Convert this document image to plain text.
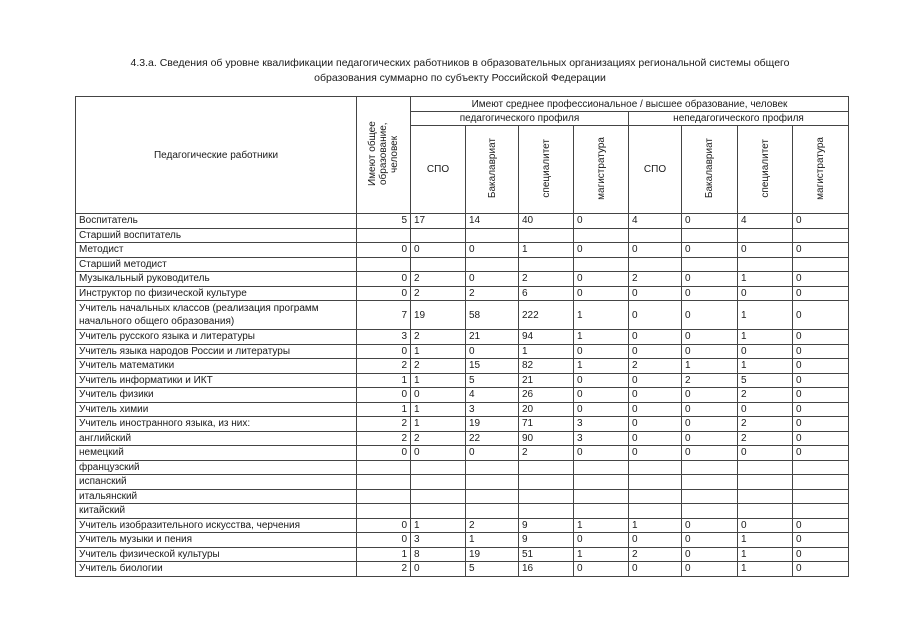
4.3.а. Сведения об уровне квалификации педагогических работников в образовательных организациях региональной системы общего
образования суммарно по субъекту Российской Федерации
Педагогические работники	Имеют общее образование, человек	Имеют среднее профессиональное / высшее образование, человек							
		педагогического профиля				непедагогического профиля			
		СПО	Бакалавриат	специалитет	магистратура	СПО	Бакалавриат	специалитет	магистратура
Воспитатель	5	17	14	40	0	4	0	4	0
Старший воспитатель									
Методист	0	0	0	1	0	0	0	0	0
Старший методист									
Музыкальный руководитель	0	2	0	2	0	2	0	1	0
Инструктор по физической культуре	0	2	2	6	0	0	0	0	0
Учитель начальных классов (реализация программ начального общего образования)	7	19	58	222	1	0	0	1	0
Учитель русского языка и литературы	3	2	21	94	1	0	0	1	0
Учитель языка народов России и литературы	0	1	0	1	0	0	0	0	0
Учитель математики	2	2	15	82	1	2	1	1	0
Учитель информатики и ИКТ	1	1	5	21	0	0	2	5	0
Учитель физики	0	0	4	26	0	0	0	2	0
Учитель химии	1	1	3	20	0	0	0	0	0
Учитель иностранного языка, из них:	2	1	19	71	3	0	0	2	0
английский	2	2	22	90	3	0	0	2	0
немецкий	0	0	0	2	0	0	0	0	0
французский									
испанский									
итальянский									
китайский									
Учитель изобразительного искусства, черчения	0	1	2	9	1	1	0	0	0
Учитель музыки и пения	0	3	1	9	0	0	0	1	0
Учитель физической культуры	1	8	19	51	1	2	0	1	0
Учитель биологии	2	0	5	16	0	0	0	1	0
